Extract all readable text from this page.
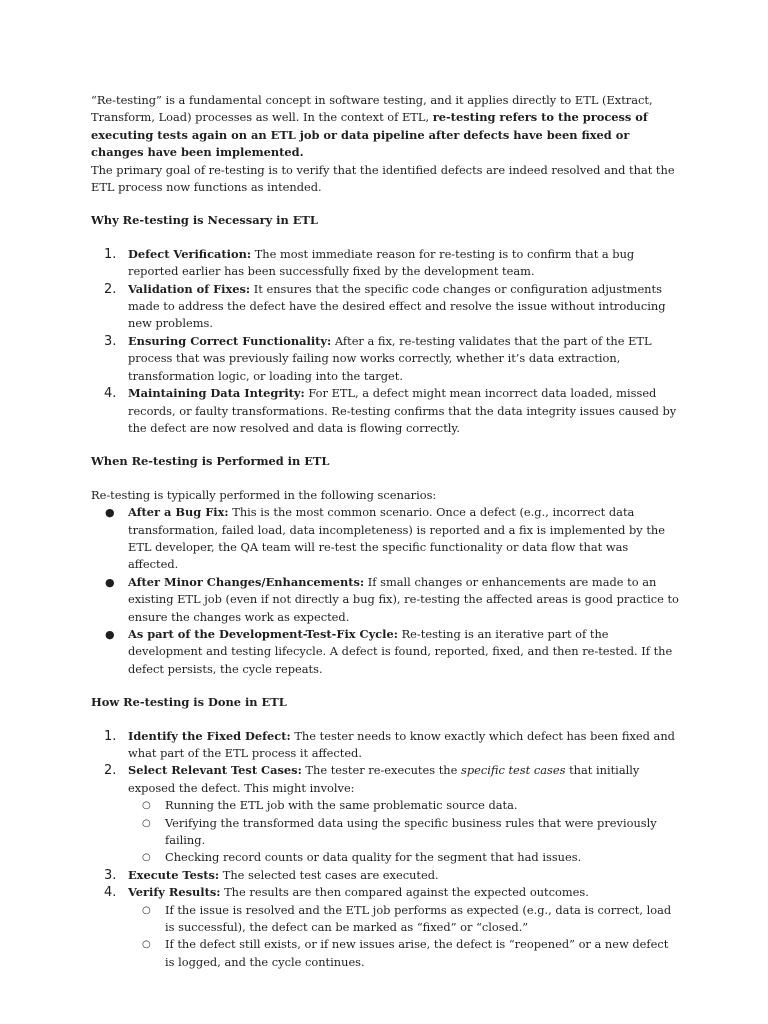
“Re-testing” is a fundamental concept in software testing, and it applies directly to ETL (Extract, Transform, Load) processes as well. In the context of ETL, re-testing refers to the process of executing tests again on an ETL job or data pipeline after defects have been fixed or changes have been implemented.

The primary goal of re-testing is to verify that the identified defects are indeed resolved and that the ETL process now functions as intended.

Why Re-testing is Necessary in ETL
1. Defect Verification: The most immediate reason for re-testing is to confirm that a bug reported earlier has been successfully fixed by the development team.
2. Validation of Fixes: It ensures that the specific code changes or configuration adjustments made to address the defect have the desired effect and resolve the issue without introducing new problems.
3. Ensuring Correct Functionality: After a fix, re-testing validates that the part of the ETL process that was previously failing now works correctly, whether it’s data extraction, transformation logic, or loading into the target.
4. Maintaining Data Integrity: For ETL, a defect might mean incorrect data loaded, missed records, or faulty transformations. Re-testing confirms that the data integrity issues caused by the defect are now resolved and data is flowing correctly.
When Re-testing is Performed in ETL

Re-testing is typically performed in the following scenarios:

● After a Bug Fix: This is the most common scenario. Once a defect (e.g., incorrect data transformation, failed load, data incompleteness) is reported and a fix is implemented by the ETL developer, the QA team will re-test the specific functionality or data flow that was affected.
● After Minor Changes/Enhancements: If small changes or enhancements are made to an existing ETL job (even if not directly a bug fix), re-testing the affected areas is good practice to ensure the changes work as expected.
● As part of the Development-Test-Fix Cycle: Re-testing is an iterative part of the development and testing lifecycle. A defect is found, reported, fixed, and then re-tested. If the defect persists, the cycle repeats.
How Re-testing is Done in ETL
1. Identify the Fixed Defect: The tester needs to know exactly which defect has been fixed and what part of the ETL process it affected.
2. Select Relevant Test Cases: The tester re-executes the specific test cases that initially exposed the defect. This might involve:
○ Running the ETL job with the same problematic source data.
○ Verifying the transformed data using the specific business rules that were previously failing.
○ Checking record counts or data quality for the segment that had issues.
3. Execute Tests: The selected test cases are executed.
4. Verify Results: The results are then compared against the expected outcomes.
○ If the issue is resolved and the ETL job performs as expected (e.g., data is correct, load is successful), the defect can be marked as “fixed” or “closed.”
○ If the defect still exists, or if new issues arise, the defect is “reopened” or a new defect is logged, and the cycle continues.
